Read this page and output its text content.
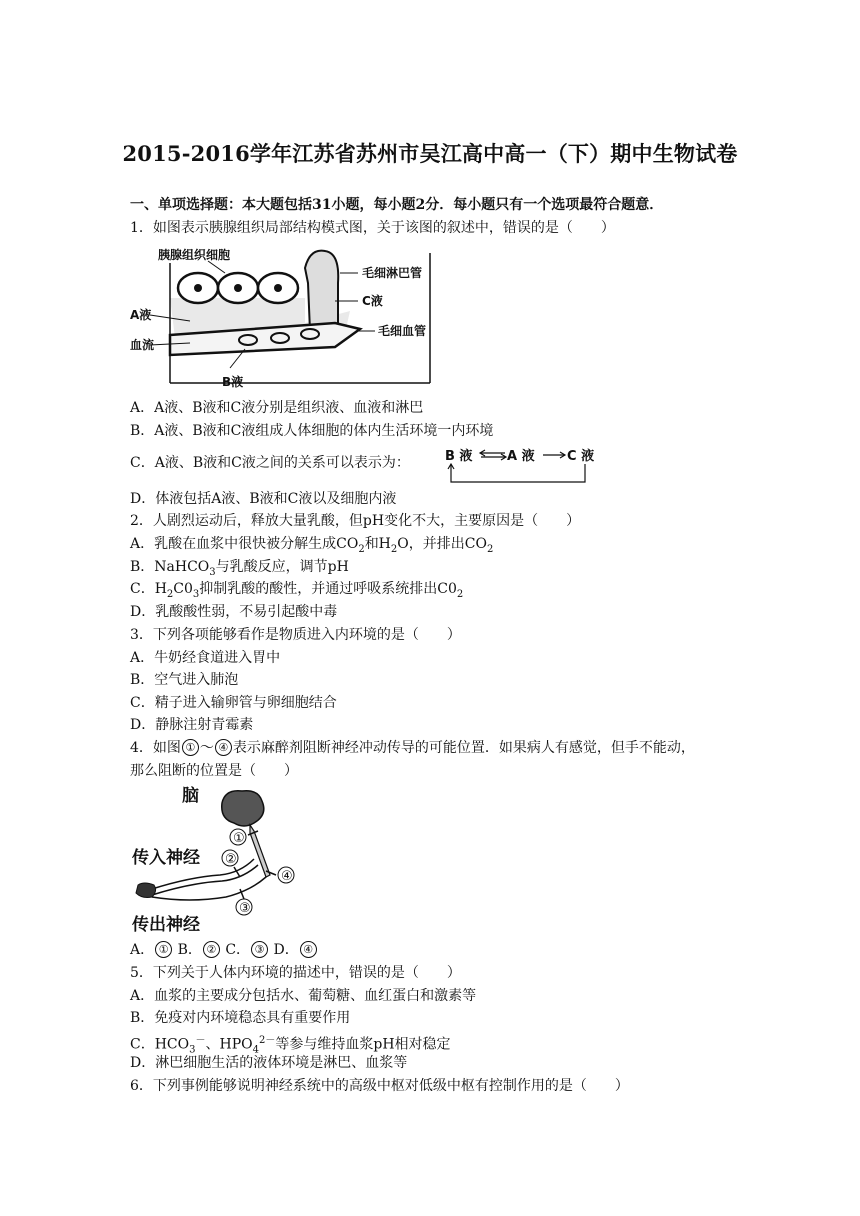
2015-2016学年江苏省苏州市吴江高中高一（下）期中生物试卷
一、单项选择题：本大题包括31小题，每小题2分．每小题只有一个选项最符合题意．
1．如图表示胰腺组织局部结构模式图，关于该图的叙述中，错误的是（　　）
胰腺组织细胞
毛细淋巴管
C液
A液
血流
毛细血管
B液
A．A液、B液和C液分别是组织液、血液和淋巴
B．A液、B液和C液组成人体细胞的体内生活环境一内环境
C．A液、B液和C液之间的关系可以表示为：	B 液	A 液 C 液
D．体液包括A液、B液和C液以及细胞内液
2．人剧烈运动后，释放大量乳酸，但pH变化不大，主要原因是（　　）
A．乳酸在血浆中很快被分解生成$CO_2$和$H_2O$，并排出$CO_2$
B．NaHCO$_3$与乳酸反应，调节pH
C．$H_2C0_3$抑制乳酸的酸性，并通过呼吸系统排出$C0_2$
D．乳酸酸性弱，不易引起酸中毒
3．下列各项能够看作是物质进入内环境的是（　　）
A．牛奶经食道进入胃中
B．空气进入肺泡
C．精子进入输卵管与卵细胞结合
D．静脉注射青霉素
4．如图 ① ～ ④ 表示麻醉剂阻断神经冲动传导的可能位置．如果病人有感觉，但手不能动，
那么阻断的位置是（　　）
①
②
③
④
脑
传入神经
传出神经
A． ① B． ② C． ③ D． ④
5．下列关于人体内环境的描述中，错误的是（　　）
A．血浆的主要成分包括水、葡萄糖、血红蛋白和激素等
B．免疫对内环境稳态具有重要作用
C．$HCO_3^-$、$HPO_4^{2-}$等参与维持血浆pH相对稳定
D．淋巴细胞生活的液体环境是淋巴、血浆等
6．下列事例能够说明神经系统中的高级中枢对低级中枢有控制作用的是（　　）
